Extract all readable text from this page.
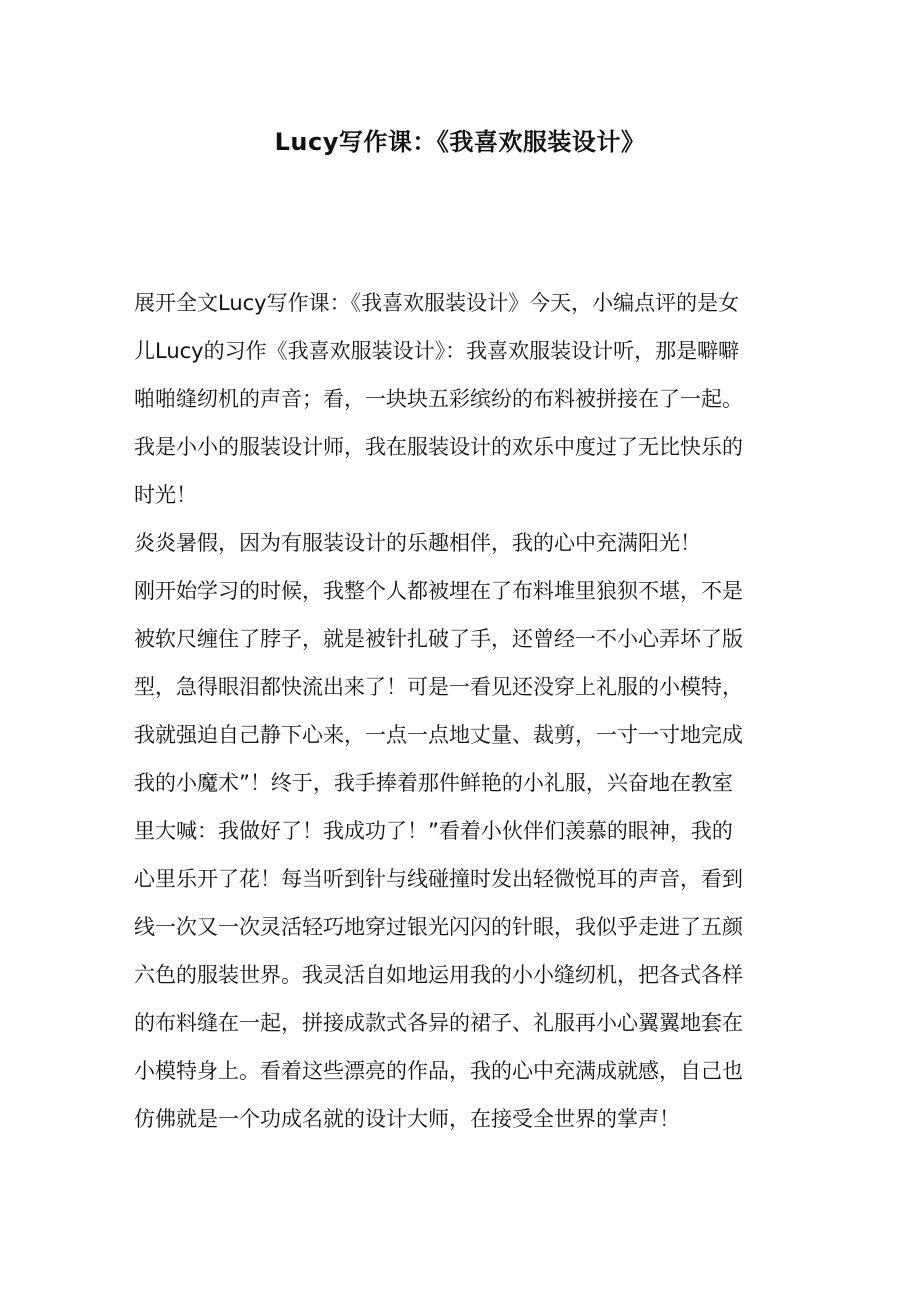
Lucy写作课：《我喜欢服装设计》

展开全文Lucy写作课：《我喜欢服装设计》今天，小编点评的是女

儿Lucy的习作《我喜欢服装设计》：我喜欢服装设计听，那是噼噼

啪啪缝纫机的声音；看，一块块五彩缤纷的布料被拼接在了一起。

我是小小的服装设计师，我在服装设计的欢乐中度过了无比快乐的

时光！

炎炎暑假，因为有服装设计的乐趣相伴，我的心中充满阳光！

刚开始学习的时候，我整个人都被埋在了布料堆里狼狈不堪，不是

被软尺缠住了脖子，就是被针扎破了手，还曾经一不小心弄坏了版

型，急得眼泪都快流出来了！可是一看见还没穿上礼服的小模特，

我就强迫自己静下心来，一点一点地丈量、裁剪，一寸一寸地完成

我的小魔术”！终于，我手捧着那件鲜艳的小礼服，兴奋地在教室

里大喊：我做好了！我成功了！”看着小伙伴们羡慕的眼神，我的

心里乐开了花！每当听到针与线碰撞时发出轻微悦耳的声音，看到

线一次又一次灵活轻巧地穿过银光闪闪的针眼，我似乎走进了五颜

六色的服装世界。我灵活自如地运用我的小小缝纫机，把各式各样

的布料缝在一起，拼接成款式各异的裙子、礼服再小心翼翼地套在

小模特身上。看着这些漂亮的作品，我的心中充满成就感，自己也

仿佛就是一个功成名就的设计大师，在接受全世界的掌声！
